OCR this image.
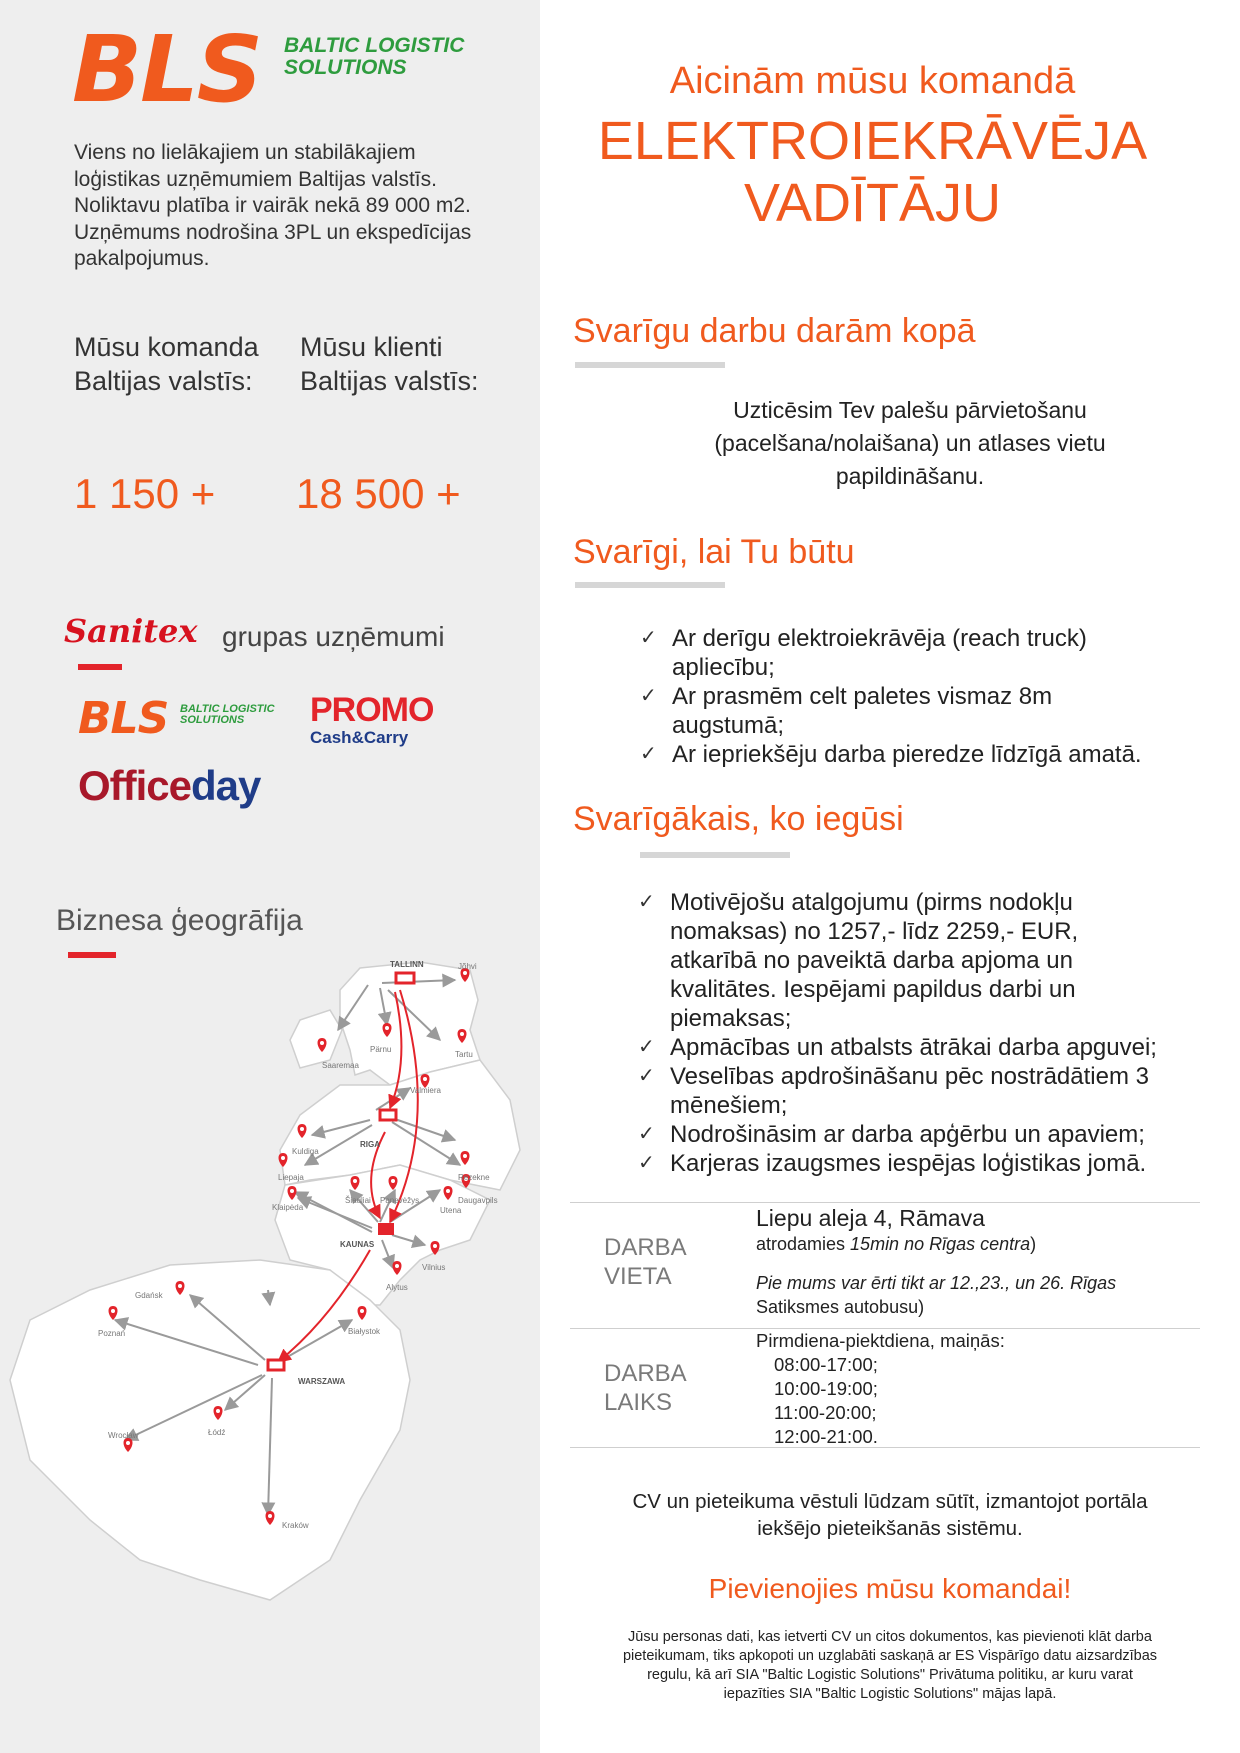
BLS BALTIC LOGISTIC
SOLUTIONS
Viens no lielākajiem un stabilākajiem
loģistikas uzņēmumiem Baltijas valstīs.
Noliktavu platība ir vairāk nekā 89 000 m2.
Uzņēmums nodrošina 3PL un ekspedīcijas
pakalpojumus.
Mūsu komanda
Baltijas valstīs:
Mūsu klienti
Baltijas valstīs:
1 150 + 18 500 +
Sanitex grupas uzņēmumi
BLS BALTIC LOGISTIC
SOLUTIONS PROMO
Cash&Carry
Officeday
Biznesa ģeogrāfija
TALLINN
RIGA
KAUNAS
WARSZAWA
Jõhvi
Pärnu
Tartu
Saaremaa
Valmiera
Kuldiga
Liepaja
Daugavpils
Rezekne
Šiauliai Panevėžys
Klaipėda	Utena
Vilnius
Alytus
Gdańsk
Białystok
Poznań
Łódź
Wrocław
Kraków
Aicinām mūsu komandā
ELEKTROIEKRĀVĒJA
VADĪTĀJU
Svarīgu darbu darām kopā
Uzticēsim Tev palešu pārvietošanu
(pacelšana/nolaišana) un atlases vietu
papildināšanu.
Svarīgi, lai Tu būtu
✓ Ar derīgu elektroiekrāvēja (reach truck)
apliecību;
✓ Ar prasmēm celt paletes vismaz 8m
augstumā;
✓ Ar iepriekšēju darba pieredze līdzīgā amatā.
Svarīgākais, ko iegūsi
✓ Motivējošu atalgojumu (pirms nodokļu
nomaksas) no 1257,- līdz 2259,- EUR,
atkarībā no paveiktā darba apjoma un
kvalitātes. Iespējami papildus darbi un
piemaksas;
✓ Apmācības un atbalsts ātrākai darba apguvei;
✓ Veselības apdrošināšanu pēc nostrādātiem 3
mēnešiem;
✓ Nodrošināsim ar darba apģērbu un apaviem;
✓ Karjeras izaugsmes iespējas loģistikas jomā.
DARBA
VIETA
Liepu aleja 4, Rāmava
atrodamies 15min no Rīgas centra)
Pie mums var ērti tikt ar 12.,23., un 26. Rīgas
Satiksmes autobusu)
DARBA
LAIKS
Pirmdiena-piektdiena, maiņās:
08:00-17:00;
10:00-19:00;
11:00-20:00;
12:00-21:00.
CV un pieteikuma vēstuli lūdzam sūtīt, izmantojot portāla
iekšējo pieteikšanās sistēmu.
Pievienojies mūsu komandai!
Jūsu personas dati, kas ietverti CV un citos dokumentos, kas pievienoti klāt darba
pieteikumam, tiks apkopoti un uzglabāti saskaņā ar ES Vispārīgo datu aizsardzības
regulu, kā arī SIA "Baltic Logistic Solutions" Privātuma politiku, ar kuru varat
iepazīties SIA "Baltic Logistic Solutions" mājas lapā.
